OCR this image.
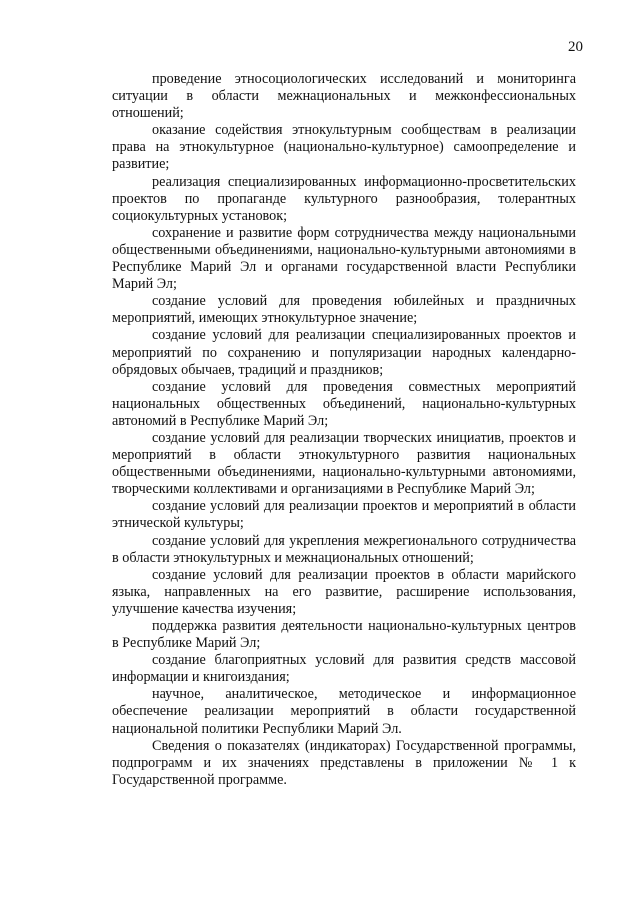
20

проведение этносоциологических исследований и мониторинга ситуации в области межнациональных и межконфессиональных отношений;

оказание содействия этнокультурным сообществам в реализации права на этнокультурное (национально-культурное) самоопределение и развитие;

реализация специализированных информационно-просветительских проектов по пропаганде культурного разнообразия, толерантных социокультурных установок;

сохранение и развитие форм сотрудничества между национальными общественными объединениями, национально-культурными автономиями в Республике Марий Эл и органами государственной власти Республики Марий Эл;

создание условий для проведения юбилейных и праздничных мероприятий, имеющих этнокультурное значение;

создание условий для реализации специализированных проектов и мероприятий по сохранению и популяризации народных календарно-обрядовых обычаев, традиций и праздников;

создание условий для проведения совместных мероприятий национальных общественных объединений, национально-культурных автономий в Республике Марий Эл;

создание условий для реализации творческих инициатив, проектов и мероприятий в области этнокультурного развития национальных общественными объединениями, национально-культурными автономиями, творческими коллективами и организациями в Республике Марий Эл;

создание условий для реализации проектов и мероприятий в области этнической культуры;

создание условий для укрепления межрегионального сотрудничества в области этнокультурных и межнациональных отношений;

создание условий для реализации проектов в области марийского языка, направленных на его развитие, расширение использования, улучшение качества изучения;

поддержка развития деятельности национально-культурных центров в Республике Марий Эл;

создание благоприятных условий для развития средств массовой информации и книгоиздания;

научное, аналитическое, методическое и информационное обеспечение реализации мероприятий в области государственной национальной политики Республики Марий Эл.

Сведения о показателях (индикаторах) Государственной программы, подпрограмм и их значениях представлены в приложении № 1 к Государственной программе.
